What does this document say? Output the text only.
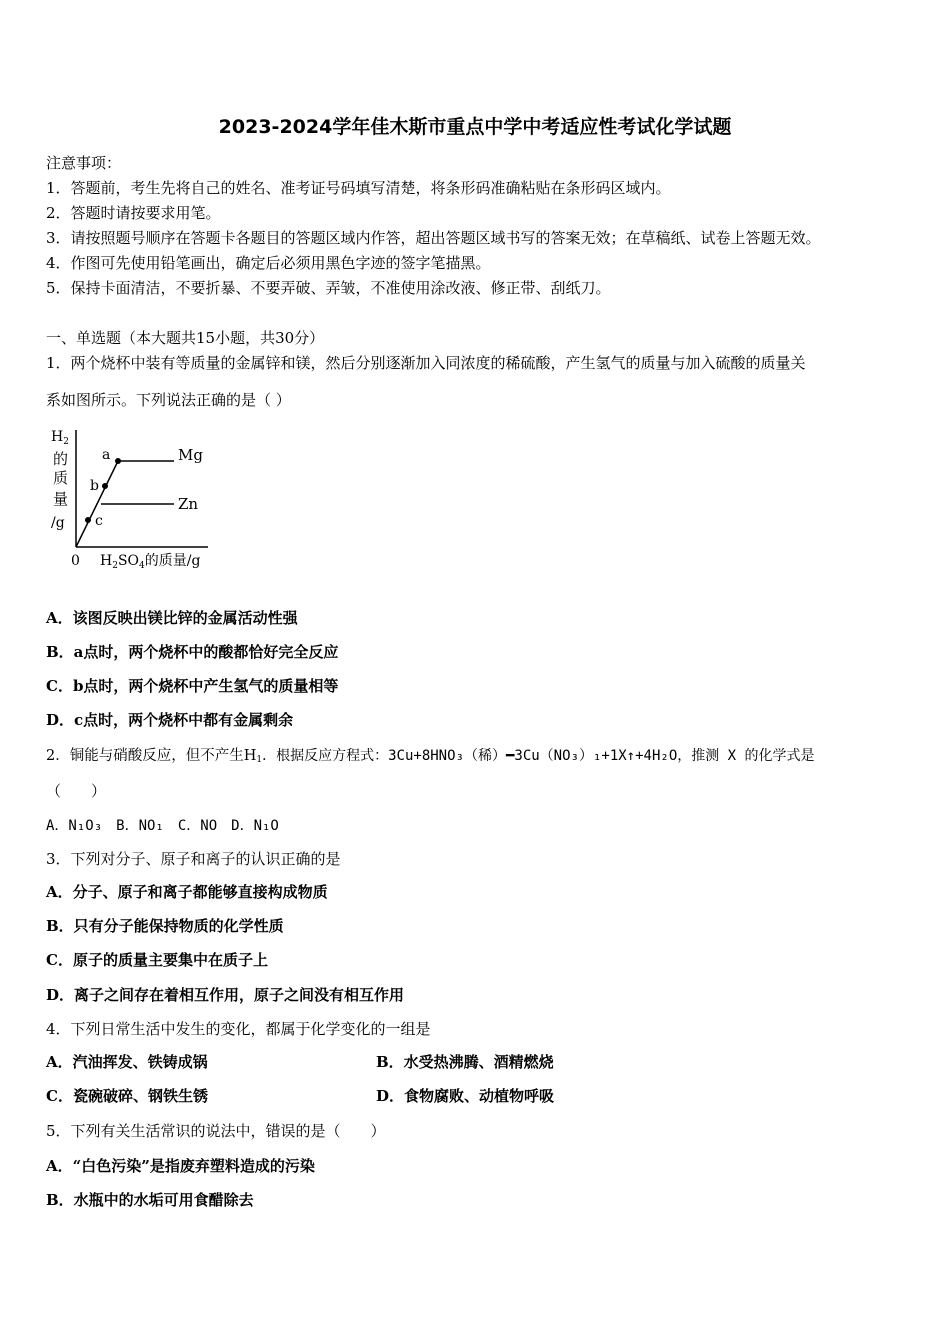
2023-2024学年佳木斯市重点中学中考适应性考试化学试题
注意事项：
1．答题前，考生先将自己的姓名、准考证号码填写清楚，将条形码准确粘贴在条形码区域内。
2．答题时请按要求用笔。
3．请按照题号顺序在答题卡各题目的答题区域内作答，超出答题区域书写的答案无效；在草稿纸、试卷上答题无效。
4．作图可先使用铅笔画出，确定后必须用黑色字迹的签字笔描黑。
5．保持卡面清洁，不要折暴、不要弄破、弄皱，不准使用涂改液、修正带、刮纸刀。
一、单选题（本大题共15小题，共30分）
1．两个烧杯中装有等质量的金属锌和镁，然后分别逐渐加入同浓度的稀硫酸，产生氢气的质量与加入硫酸的质量关
系如图所示。下列说法正确的是（ ）
$H_2$
的
质
量
/g
a
b
c
Mg
Zn
0 $H_2SO_4$的质量/g
A．该图反映出镁比锌的金属活动性强
B．a点时，两个烧杯中的酸都恰好完全反应
C．b点时，两个烧杯中产生氢气的质量相等
D．c点时，两个烧杯中都有金属剩余
2．铜能与硝酸反应，但不产生$H_1$．根据反应方程式：3Cu+8HNO₃（稀）━3Cu（NO₃）₁+1X↑+4H₂O，推测 X 的化学式是
（　　）
A．N₁O₃　B．NO₁　C．NO　D．N₁O
3．下列对分子、原子和离子的认识正确的是
A．分子、原子和离子都能够直接构成物质
B．只有分子能保持物质的化学性质
C．原子的质量主要集中在质子上
D．离子之间存在着相互作用，原子之间没有相互作用
4．下列日常生活中发生的变化，都属于化学变化的一组是
A．汽油挥发、铁铸成锅	B．水受热沸腾、酒精燃烧
C．瓷碗破碎、钢铁生锈	D．食物腐败、动植物呼吸
5．下列有关生活常识的说法中，错误的是（　　）
A．“白色污染”是指废弃塑料造成的污染
B．水瓶中的水垢可用食醋除去
